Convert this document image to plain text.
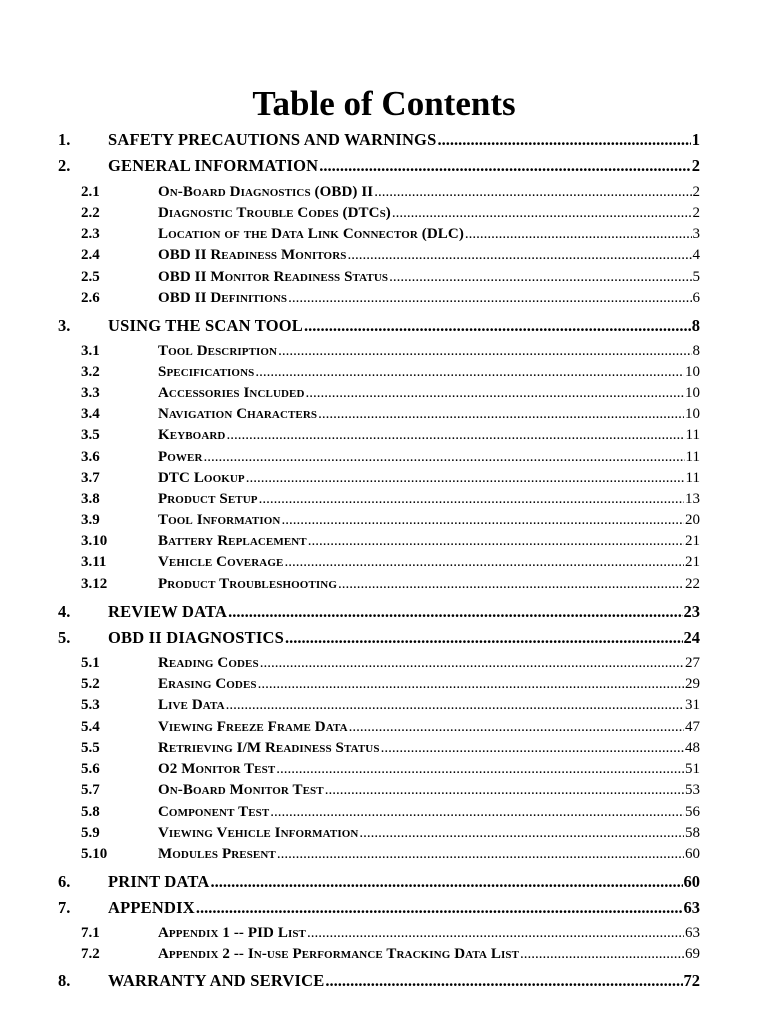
Table of Contents
1.	SAFETY PRECAUTIONS AND WARNINGS .....	1
2.	GENERAL INFORMATION .....	2
2.1	On-Board Diagnostics (OBD) II .....	2
2.2	Diagnostic Trouble Codes (DTCs) .....	2
2.3	Location of the Data Link Connector (DLC) .....	3
2.4	OBD II Readiness Monitors .....	4
2.5	OBD II Monitor Readiness Status .....	5
2.6	OBD II Definitions .....	6
3.	USING THE SCAN TOOL .....	8
3.1	Tool Description .....	8
3.2	Specifications .....	10
3.3	Accessories Included .....	10
3.4	Navigation Characters .....	10
3.5	Keyboard .....	11
3.6	Power .....	11
3.7	DTC Lookup .....	11
3.8	Product Setup .....	13
3.9	Tool Information .....	20
3.10	Battery Replacement .....	21
3.11	Vehicle Coverage .....	21
3.12	Product Troubleshooting .....	22
4.	REVIEW DATA .....	23
5.	OBD II DIAGNOSTICS .....	24
5.1	Reading Codes .....	27
5.2	Erasing Codes .....	29
5.3	Live Data .....	31
5.4	Viewing Freeze Frame Data .....	47
5.5	Retrieving I/M Readiness Status .....	48
5.6	O2 Monitor Test .....	51
5.7	On-Board Monitor Test .....	53
5.8	Component Test .....	56
5.9	Viewing Vehicle Information .....	58
5.10	Modules Present .....	60
6.	PRINT DATA .....	60
7.	APPENDIX .....	63
7.1	Appendix 1 -- PID List .....	63
7.2	Appendix 2 -- In-use Performance Tracking Data List .....	69
8.	WARRANTY AND SERVICE .....	72
